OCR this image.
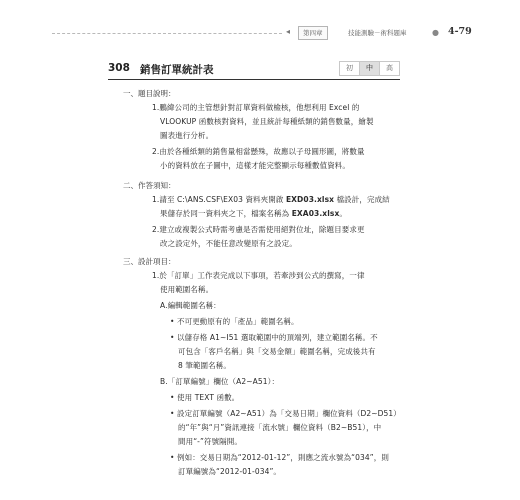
◂	第四章	技能測驗－術科題庫	● 4-79
308 銷售訂單統計表	初	中	高
一、題目說明：
1.鵬緯公司的主管想針對訂單資料做檢核，他想利用 Excel 的
VLOOKUP 函數核對資料，並且統計每種紙類的銷售數量，繪製
圖表進行分析。
2.由於各種紙類的銷售量相當懸殊，故應以子母圓形圖，將數量
小的資料放在子圖中，這樣才能完整顯示每種數值資料。
二、作答須知：
1.請至 C:\ANS.CSF\EX03 資料夾開啟 EXD03.xlsx 檔設計，完成結
果儲存於同一資料夾之下，檔案名稱為 EXA03.xlsx。
2.建立或複製公式時需考慮是否需使用絕對位址，除題目要求更
改之設定外，不能任意改變原有之設定。
三、設計項目：
1.於「訂單」工作表完成以下事項，若牽涉到公式的撰寫，一律
使用範圍名稱。
A.編輯範圍名稱：
• 不可更動原有的「產品」範圍名稱。
• 以儲存格 A1~I51 選取範圍中的頂端列，建立範圍名稱。不
可包含「客戶名稱」與「交易金額」範圍名稱，完成後共有
8 筆範圍名稱。
B.「訂單編號」欄位（A2~A51）：
• 使用 TEXT 函數。
• 設定訂單編號（A2~A51）為「交易日期」欄位資料（D2~D51）
的“年”與“月”資訊連接「流水號」欄位資料（B2~B51），中
間用“-”符號隔開。
• 例如：交易日期為“2012-01-12”，則應之流水號為“034”，則
訂單編號為“2012-01-034”。
